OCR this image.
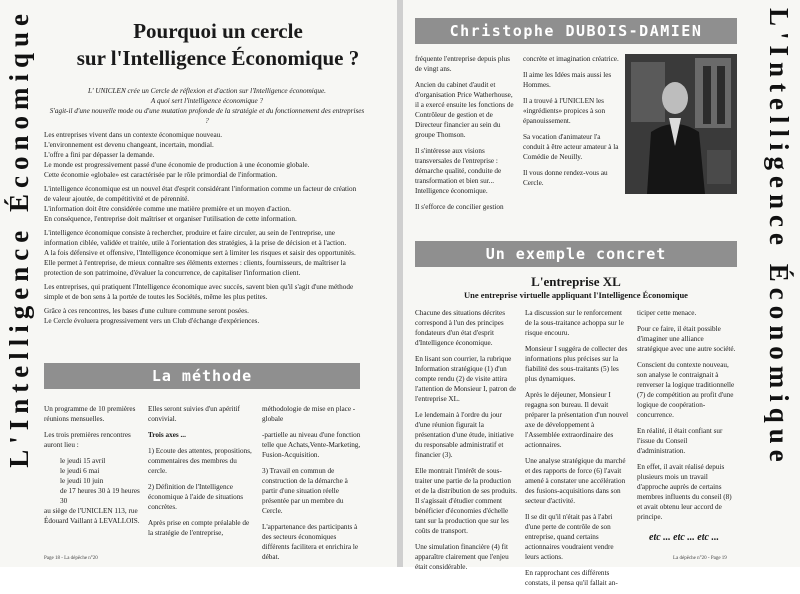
L'Intelligence Économique	Pourquoi un cercle
sur l'Intelligence Économique ?
L' UNICLEN crée un Cercle de réflexion et d'action sur l'Intelligence économique.
A quoi sert l'intelligence économique ?
S'agit-il d'une nouvelle mode ou d'une mutation profonde de la stratégie et du fonctionnement des entreprises ?

Les entreprises vivent dans un contexte économique nouveau.
L'environnement est devenu changeant, incertain, mondial.
L'offre a fini par dépasser la demande.
Le monde est progressivement passé d'une économie de production à une économie globale.
Cette économie «globale» est caractérisée par le rôle primordial de l'information.

L'intelligence économique est un nouvel état d'esprit considérant l'information comme un facteur de création de valeur ajoutée, de compétitivité et de pérennité.
L'information doit être considérée comme une matière première et un moyen d'action.
En conséquence, l'entreprise doit maîtriser et organiser l'utilisation de cette information.

L'intelligence économique consiste à rechercher, produire et faire circuler, au sein de l'entreprise, une information ciblée, validée et traitée, utile à l'orientation des stratégies, à la prise de décision et à l'action.
A la fois défensive et offensive, l'Intelligence économique sert à limiter les risques et saisir des opportunités.
Elle permet à l'entreprise, de mieux connaître ses éléments externes : clients, fournisseurs, de maîtriser la protection de son patrimoine, d'évaluer la concurrence, de capitaliser l'information client.

Les entreprises, qui pratiquent l'Intelligence économique avec succès, savent bien qu'il s'agit d'une méthode simple et de bon sens à la portée de toutes les Sociétés, même les plus petites.

Grâce à ces rencontres, les bases d'une culture commune seront posées.
Le Cercle évoluera progressivement vers un Club d'échange d'expériences.

La méthode

Un programme de 10 premières réunions mensuelles.

Les trois premières rencontres auront lieu :

le jeudi 15 avril
le jeudi 6 mai
le jeudi 10 juin
de 17 heures 30 à 19 heures 30

au siège de l'UNICLEN 113, rue Édouard Vaillant à LEVALLOIS.

Elles seront suivies d'un apéritif convivial.

Trois axes ...

1) Ecoute des attentes, propositions, commentaires des membres du cercle.

2) Définition de l'Intelligence économique à l'aide de situations concrètes.

Après prise en compte préalable de la stratégie de l'entreprise,

méthodologie de mise en place -globale

-partielle au niveau d'une fonction telle que Achats,Vente-Marketing, Fusion-Acquisition.

3) Travail en commun de construction de la démarche à partir d'une situation réelle présentée par un membre du Cercle.

L'appartenance des participants à des secteurs économiques différents facilitera et enrichira le débat.

Page 18 - La dépêche n°20
L'Intelligence Économique
Christophe DUBOIS-DAMIEN

fréquente l'entreprise depuis plus de vingt ans.

Ancien du cabinet d'audit et d'organisation Price Watherhouse, il a exercé ensuite les fonctions de Contrôleur de gestion et de Directeur financier au sein du groupe Thomson.

Il s'intéresse aux visions transversales de l'entreprise : démarche qualité, conduite de transformation et bien sur... Intelligence économique.

Il s'efforce de concilier gestion

concrète et imagination créatrice.

Il aime les Idées mais aussi les Hommes.

Il a trouvé à l'UNICLEN les «ingrédients» propices à son épanouissement.

Sa vocation d'animateur l'a conduit à être acteur amateur à la Comédie de Neuilly.

Il vous donne rendez-vous au Cercle.

Un exemple concret
L'entreprise XL
Une entreprise virtuelle appliquant l'Intelligence Économique

Chacune des situations décrites correspond à l'un des principes fondateurs d'un état d'esprit d'Intelligence économique.

En lisant son courrier, la rubrique Information stratégique (1) d'un compte rendu (2) de visite attira l'attention de Monsieur I, patron de l'entreprise XL.

Le lendemain à l'ordre du jour d'une réunion figurait la présentation d'une étude, initiative du responsable administratif et financier (3).

Elle montrait l'intérêt de sous-traiter une partie de la production et de la distribution de ses produits. Il s'agissait d'étudier comment bénéficier d'économies d'échelle tant sur la production que sur les coûts de transport.

Une simulation financière (4) fit apparaître clairement que l'enjeu était considérable.

La discussion sur le renforcement de la sous-traitance achoppa sur le risque encouru.

Monsieur I suggéra de collecter des informations plus précises sur la fiabilité des sous-traitants (5) les plus dynamiques.

Après le déjeuner, Monsieur I regagna son bureau. Il devait préparer la présentation d'un nouvel axe de développement à l'Assemblée extraordinaire des actionnaires.

Une analyse stratégique du marché et des rapports de force (6) l'avait amené à constater une accélération des fusions-acquisitions dans son secteur d'activité.

Il se dit qu'il n'était pas à l'abri d'une perte de contrôle de son entreprise, quand certains actionnaires voudraient vendre leurs actions.

En rapprochant ces différents constats, il pensa qu'il fallait an-

ticiper cette menace.

Pour ce faire, il était possible d'imaginer une alliance stratégique avec une autre société.

Conscient du contexte nouveau, son analyse le contraignait à renverser la logique traditionnelle (7) de compétition au profit d'une logique de coopération-concurrence.

En réalité, il était confiant sur l'issue du Conseil d'administration.

En effet, il avait réalisé depuis plusieurs mois un travail d'approche auprès de certains membres influents du conseil (8) et avait obtenu leur accord de principe.

etc ... etc ... etc ...
La dépêche n°20 - Page 19
